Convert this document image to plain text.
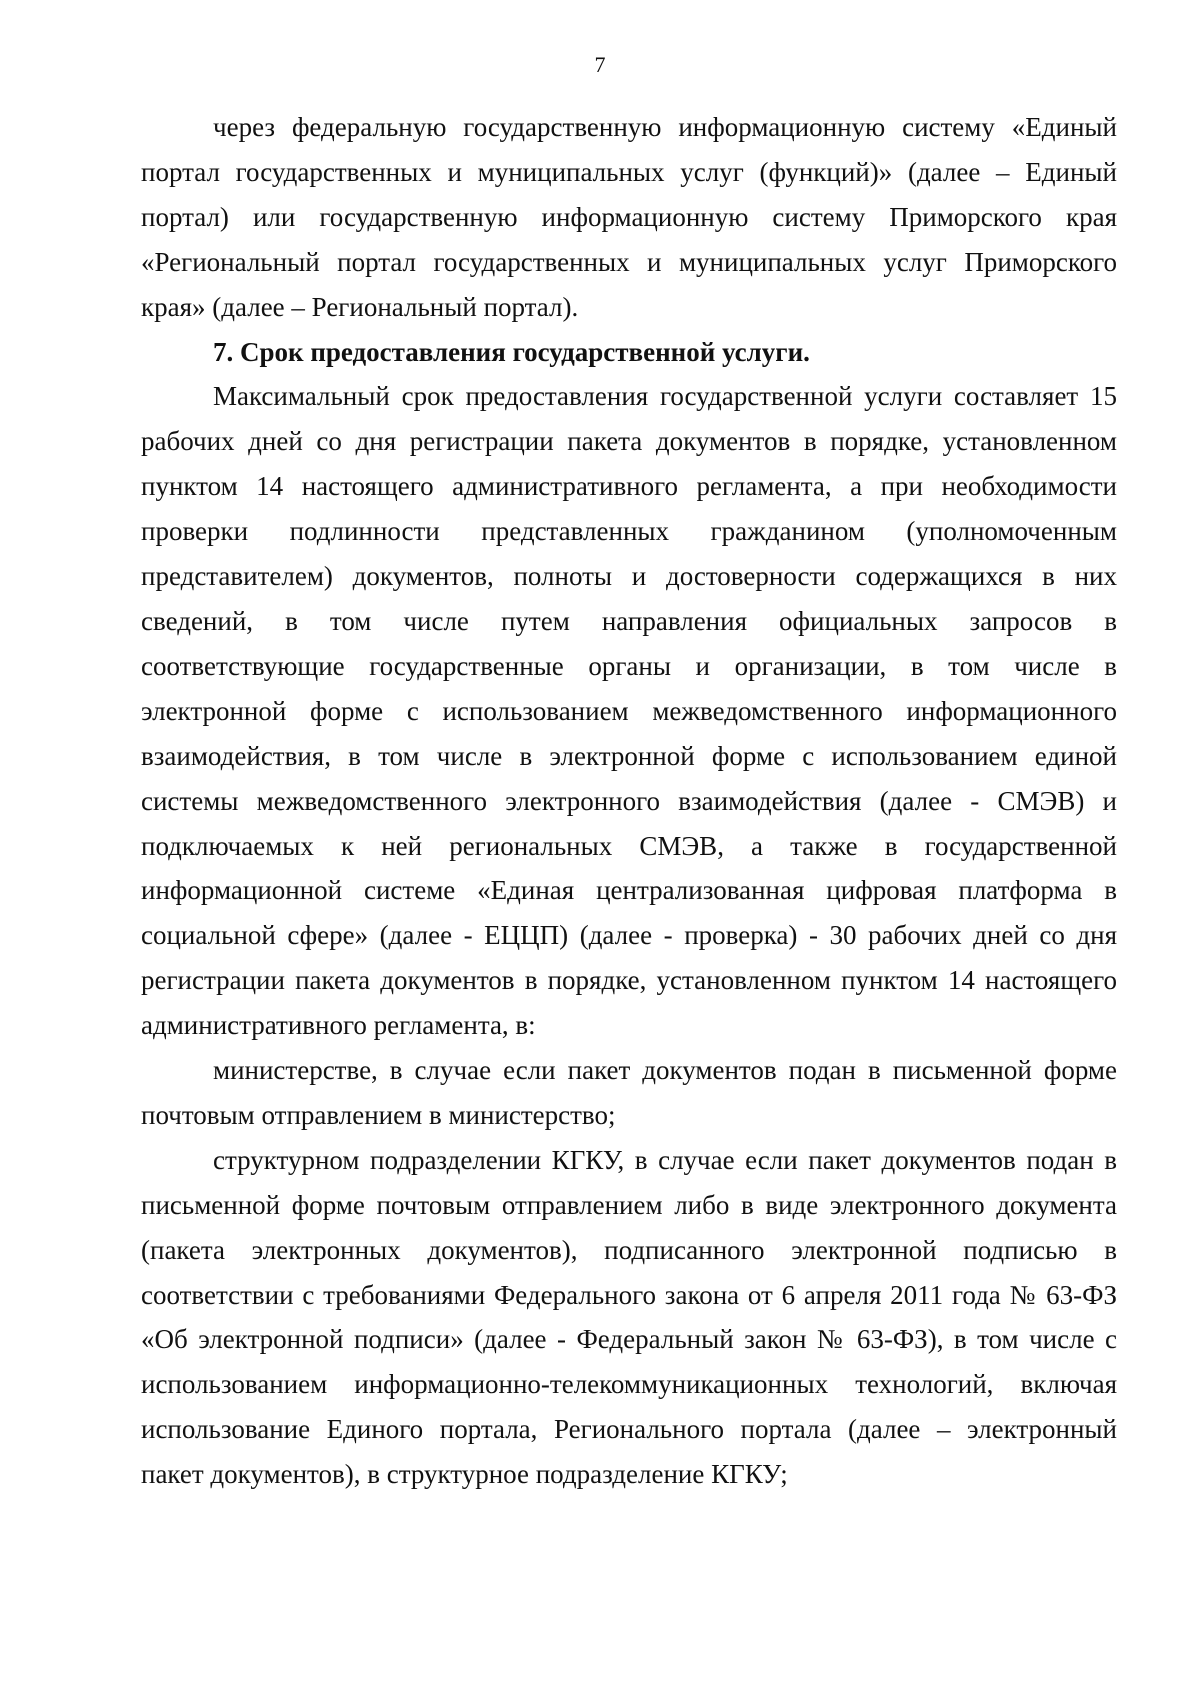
7

через федеральную государственную информационную систему «Единый портал государственных и муниципальных услуг (функций)» (далее – Единый портал) или государственную информационную систему Приморского края «Региональный портал государственных и муниципальных услуг Приморского края» (далее – Региональный портал).

7. Срок предоставления государственной услуги.

Максимальный срок предоставления государственной услуги составляет 15 рабочих дней со дня регистрации пакета документов в порядке, установленном пунктом 14 настоящего административного регламента, а при необходимости проверки подлинности представленных гражданином (уполномоченным представителем) документов, полноты и достоверности содержащихся в них сведений, в том числе путем направления официальных запросов в соответствующие государственные органы и организации, в том числе в электронной форме с использованием межведомственного информационного взаимодействия, в том числе в электронной форме с использованием единой системы межведомственного электронного взаимодействия (далее - СМЭВ) и подключаемых к ней региональных СМЭВ, а также в государственной информационной системе «Единая централизованная цифровая платформа в социальной сфере» (далее - ЕЦЦП) (далее - проверка) - 30 рабочих дней со дня регистрации пакета документов в порядке, установленном пунктом 14 настоящего административного регламента, в:

министерстве, в случае если пакет документов подан в письменной форме почтовым отправлением в министерство;

структурном подразделении КГКУ, в случае если пакет документов подан в письменной форме почтовым отправлением либо в виде электронного документа (пакета электронных документов), подписанного электронной подписью в соответствии с требованиями Федерального закона от 6 апреля 2011 года № 63-ФЗ «Об электронной подписи» (далее - Федеральный закон № 63-ФЗ), в том числе с использованием информационно-телекоммуникационных технологий, включая использование Единого портала, Регионального портала (далее – электронный пакет документов), в структурное подразделение КГКУ;
